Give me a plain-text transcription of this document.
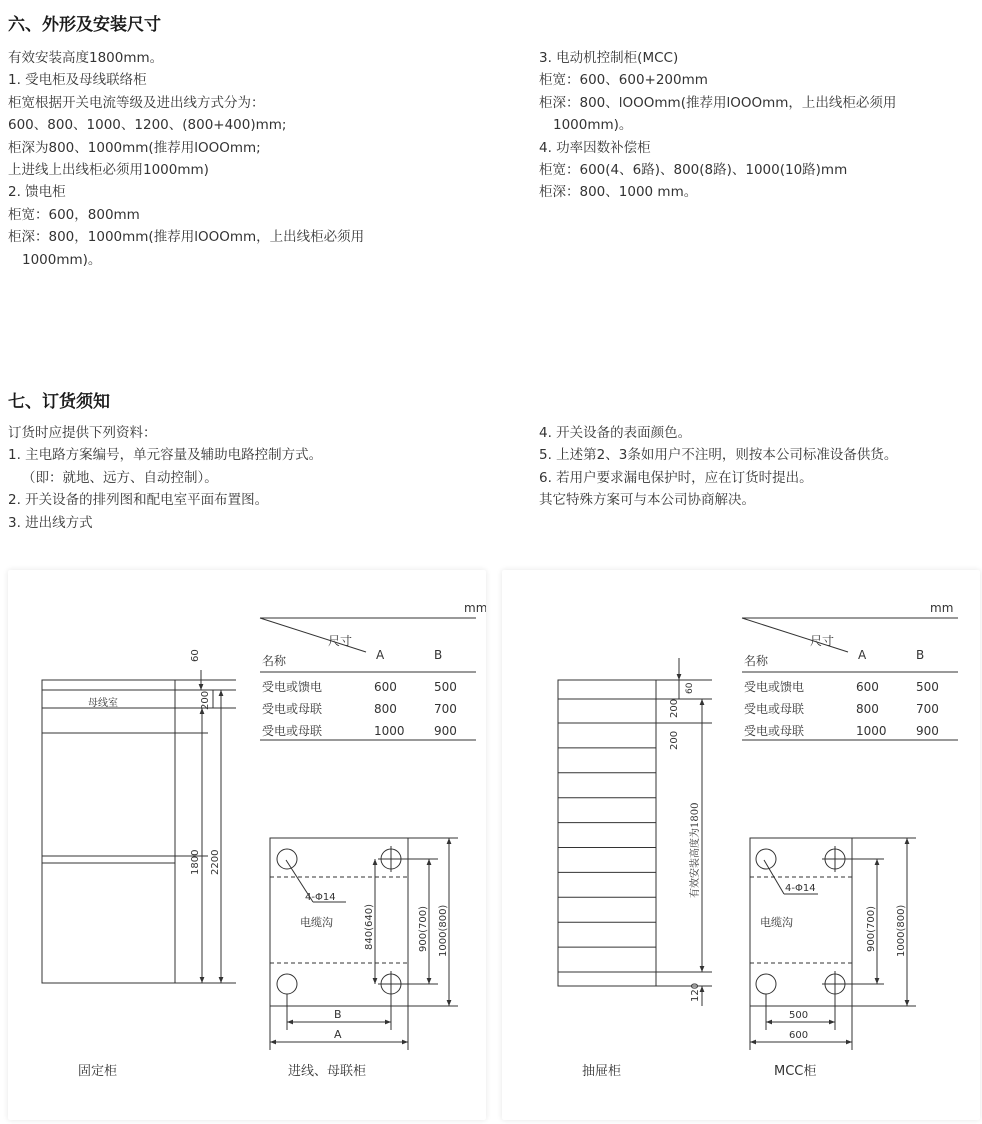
六、外形及安装尺寸
有效安装高度1800mm。
1. 受电柜及母线联络柜
柜宽根据开关电流等级及进出线方式分为：
600、800、1000、1200、(800+400)mm;
柜深为800、1000mm(推荐用lOOOmm;
上进线上出线柜必须用1000mm)
2. 馈电柜
柜宽：600，800mm
柜深：800，1000mm(推荐用lOOOmm，上出线柜必须用
1000mm)。
3. 电动机控制柜(MCC)
柜宽：600、600+200mm
柜深：800、lOOOmm(推荐用lOOOmm，上出线柜必须用
1000mm)。
4. 功率因数补偿柜
柜宽：600(4、6路)、800(8路)、1000(10路)mm
柜深：800、1000 mm。
七、订货须知
订货时应提供下列资料：
1. 主电路方案编号，单元容量及辅助电路控制方式。
（即：就地、远方、自动控制）。
2. 开关设备的排列图和配电室平面布置图。
3. 进出线方式
4. 开关设备的表面颜色。
5. 上述第2、3条如用户不注明，则按本公司标准设备供货。
6. 若用户要求漏电保护时，应在订货时提出。
其它特殊方案可与本公司协商解决。
母线室
60
200
1800 2200
固定柜
mm
尺寸
名称	A	B
受电或馈电	600	500
受电或母联	800	700
受电或母联	1000 900
4-Φ14
电缆沟	840(640)	900(700) 1000(800)
B
A
进线、母联柜
60
200
200
有效安装高度为1800
120
抽屉柜
mm
尺寸
名称	A	B
受电或馈电	600	500
受电或母联	800	700
受电或母联	1000 900
4-Φ14
电缆沟	900(700) 1000(800)
500
600
MCC柜
